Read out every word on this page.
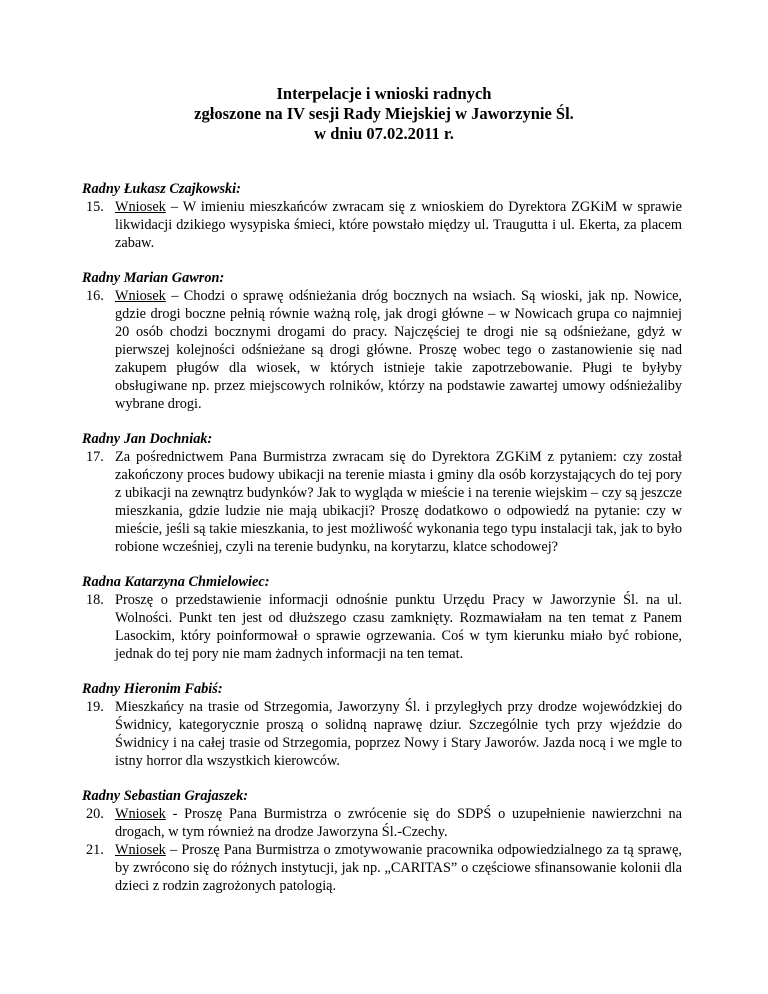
Interpelacje i wnioski radnych
zgłoszone na IV sesji Rady Miejskiej w Jaworzynie Śl.
w dniu 07.02.2011 r.
Radny Łukasz Czajkowski:
15. Wniosek – W imieniu mieszkańców zwracam się z wnioskiem do Dyrektora ZGKiM w sprawie likwidacji dzikiego wysypiska śmieci, które powstało między ul. Traugutta i ul. Ekerta, za placem zabaw.
Radny Marian Gawron:
16. Wniosek – Chodzi o sprawę odśnieżania dróg bocznych na wsiach. Są wioski, jak np. Nowice, gdzie drogi boczne pełnią równie ważną rolę, jak drogi główne – w Nowicach grupa co najmniej 20 osób chodzi bocznymi drogami do pracy. Najczęściej te drogi nie są odśnieżane, gdyż w pierwszej kolejności odśnieżane są drogi główne. Proszę wobec tego o zastanowienie się nad zakupem pługów dla wiosek, w których istnieje takie zapotrzebowanie. Pługi te byłyby obsługiwane np. przez miejscowych rolników, którzy na podstawie zawartej umowy odśnieżaliby wybrane drogi.
Radny Jan Dochniak:
17. Za pośrednictwem Pana Burmistrza zwracam się do Dyrektora ZGKiM z pytaniem: czy został zakończony proces budowy ubikacji na terenie miasta i gminy dla osób korzystających do tej pory z ubikacji na zewnątrz budynków? Jak to wygląda w mieście i na terenie wiejskim – czy są jeszcze mieszkania, gdzie ludzie nie mają ubikacji? Proszę dodatkowo o odpowiedź na pytanie: czy w mieście, jeśli są takie mieszkania, to jest możliwość wykonania tego typu instalacji tak, jak to było robione wcześniej, czyli na terenie budynku, na korytarzu, klatce schodowej?
Radna Katarzyna Chmielowiec:
18. Proszę o przedstawienie informacji odnośnie punktu Urzędu Pracy w Jaworzynie Śl. na ul. Wolności. Punkt ten jest od dłuższego czasu zamknięty. Rozmawiałam na ten temat z Panem Lasockim, który poinformował o sprawie ogrzewania. Coś w tym kierunku miało być robione, jednak do tej pory nie mam żadnych informacji na ten temat.
Radny Hieronim Fabiś:
19. Mieszkańcy na trasie od Strzegomia, Jaworzyny Śl. i przyległych przy drodze wojewódzkiej do Świdnicy, kategorycznie proszą o solidną naprawę dziur. Szczególnie tych przy wjeździe do Świdnicy i na całej trasie od Strzegomia, poprzez Nowy i Stary Jaworów. Jazda nocą i we mgle to istny horror dla wszystkich kierowców.
Radny Sebastian Grajaszek:
20. Wniosek - Proszę Pana Burmistrza o zwrócenie się do SDPŚ o uzupełnienie nawierzchni na drogach, w tym również na drodze Jaworzyna Śl.-Czechy.
21. Wniosek – Proszę Pana Burmistrza o zmotywowanie pracownika odpowiedzialnego za tą sprawę, by zwrócono się do różnych instytucji, jak np. „CARITAS” o częściowe sfinansowanie kolonii dla dzieci z rodzin zagrożonych patologią.
